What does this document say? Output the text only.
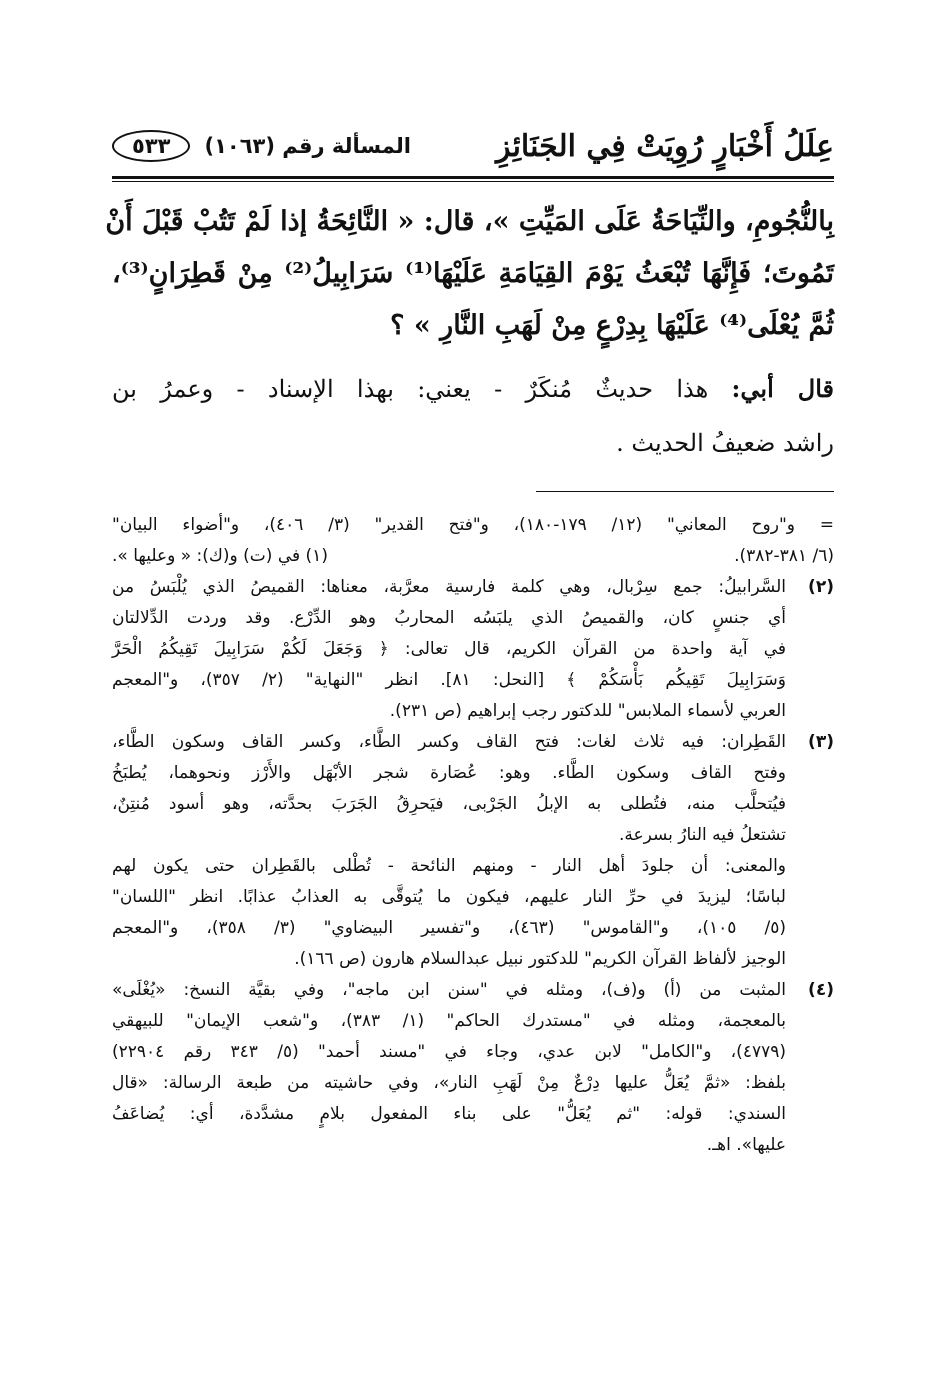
عِلَلُ أَخْبَارٍ رُوِيَتْ فِي الجَنَائِزِ
المسألة رقم (١٠٦٣)
٥٣٣
بِالنُّجُومِ، والنِّيَاحَةُ عَلَى المَيِّتِ »، قال: « النَّائِحَةُ إذا لَمْ تَتُبْ قَبْلَ أَنْ
تَمُوتَ؛ فَإِنَّهَا تُبْعَثُ يَوْمَ القِيَامَةِ عَلَيْهَا⁽¹⁾ سَرَابِيلُ⁽²⁾ مِنْ قَطِرَانٍ⁽³⁾،
ثُمَّ يُعْلَى⁽⁴⁾ عَلَيْهَا بِدِرْعٍ مِنْ لَهَبِ النَّارِ » ؟
قال أبي: هذا حديثٌ مُنكَرٌ - يعني: بهذا الإسناد - وعمرُ بن
راشد ضعيفُ الحديث .
= و"روح المعاني" (١٢/ ١٧٩-١٨٠)، و"فتح القدير" (٣/ ٤٠٦)، و"أضواء البيان"
(٦/ ٣٨١-٣٨٢).
(١) في (ت) و(ك): « وعليها ».
(٢)
السَّرابيلُ: جمع سِرْبال، وهي كلمة فارسية معرَّبة، معناها: القميصُ الذي يُلْبَسُ من
أي جنسٍ كان، والقميصُ الذي يلبَسُه المحاربُ وهو الدِّرْع. وقد وردت الدِّلالتان
في آية واحدة من القرآن الكريم، قال تعالى: ﴿ وَجَعَلَ لَكُمْ سَرَابِيلَ تَقِيكُمُ الْحَرَّ
وَسَرَابِيلَ تَقِيكُم بَأْسَكُمْ ﴾ [النحل: ٨١]. انظر "النهاية" (٢/ ٣٥٧)، و"المعجم
العربي لأسماء الملابس" للدكتور رجب إبراهيم (ص ٢٣١).
(٣)
القَطِران: فيه ثلاث لغات: فتح القاف وكسر الطَّاء، وكسر القاف وسكون الطَّاء،
وفتح القاف وسكون الطَّاء. وهو: عُصَارة شجر الأبْهَل والأَرْز ونحوهما، يُطبَخُ
فيُتحلَّب منه، فتُطلى به الإبلُ الجَرْبى، فيَحرِقُ الجَرَبَ بحدَّته، وهو أسود مُنتِنٌ،
تشتعلُ فيه النارُ بسرعة.
والمعنى: أن جلودَ أهل النار - ومنهم النائحة - تُطْلى بالقَطِران حتى يكون لهم
لباسًا؛ ليزيدَ في حرِّ النار عليهم، فيكون ما يُتوقَّى به العذابُ عذابًا. انظر "اللسان"
(٥/ ١٠٥)، و"القاموس" (٤٦٣)، و"تفسير البيضاوي" (٣/ ٣٥٨)، و"المعجم
الوجيز لألفاظ القرآن الكريم" للدكتور نبيل عبدالسلام هارون (ص ١٦٦).
(٤)
المثبت من (أ) و(ف)، ومثله في "سنن ابن ماجه"، وفي بقيَّة النسخ: «يُغْلَى»
بالمعجمة، ومثله في "مستدرك الحاكم" (١/ ٣٨٣)، و"شعب الإيمان" للبيهقي
(٤٧٧٩)، و"الكامل" لابن عدي، وجاء في "مسند أحمد" (٥/ ٣٤٣ رقم ٢٢٩٠٤)
بلفظ: «ثمَّ يُعَلُّ عليها دِرْعٌ مِنْ لَهَبِ النار»، وفي حاشيته من طبعة الرسالة: «قال
السندي: قوله: "ثم يُعَلُّ" على بناء المفعول بلامٍ مشدَّدة، أي: يُضاعَفُ
عليها». اهـ.
